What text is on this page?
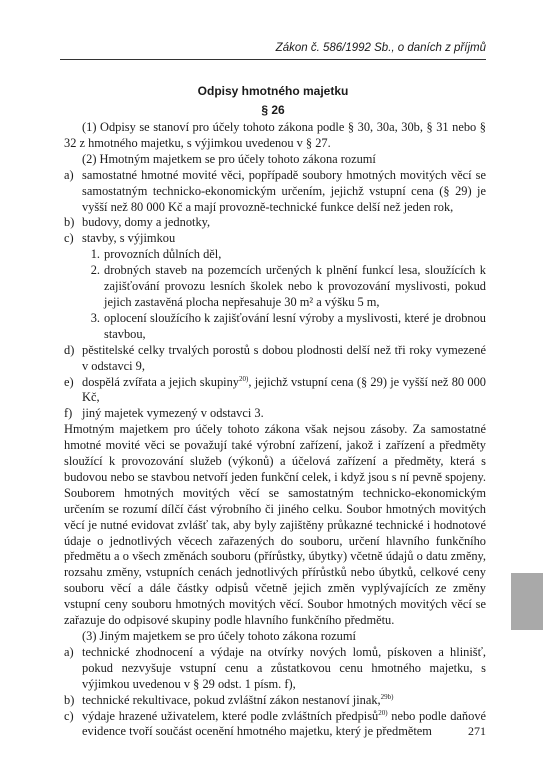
Zákon č. 586/1992 Sb., o daních z příjmů
Odpisy hmotného majetku
§ 26

(1) Odpisy se stanoví pro účely tohoto zákona podle § 30, 30a, 30b, § 31 nebo § 32 z hmotného majetku, s výjimkou uvedenou v § 27.

(2) Hmotným majetkem se pro účely tohoto zákona rozumí

a) samostatné hmotné movité věci, popřípadě soubory hmotných movitých věcí se samostatným technicko-ekonomickým určením, jejichž vstupní cena (§ 29) je vyšší než 80 000 Kč a mají provozně-technické funkce delší než jeden rok,
b) budovy, domy a jednotky,
c) stavby, s výjimkou
1. provozních důlních děl,
2. drobných staveb na pozemcích určených k plnění funkcí lesa, sloužících k zajišťování provozu lesních školek nebo k provozování myslivosti, pokud jejich zastavěná plocha nepřesahuje 30 m² a výšku 5 m,
3. oplocení sloužícího k zajišťování lesní výroby a myslivosti, které je drobnou stavbou,
d) pěstitelské celky trvalých porostů s dobou plodnosti delší než tři roky vymezené v odstavci 9,
e) dospělá zvířata a jejich skupiny$^{20)}$, jejichž vstupní cena (§ 29) je vyšší než 80 000 Kč,
f) jiný majetek vymezený v odstavci 3.

Hmotným majetkem pro účely tohoto zákona však nejsou zásoby. Za samostatné hmotné movité věci se považují také výrobní zařízení, jakož i zařízení a předměty sloužící k provozování služeb (výkonů) a účelová zařízení a předměty, která s budovou nebo se stavbou netvoří jeden funkční celek, i když jsou s ní pevně spojeny. Souborem hmotných movitých věcí se samostatným technicko-ekonomickým určením se rozumí dílčí část výrobního či jiného celku. Soubor hmotných movitých věcí je nutné evidovat zvlášť tak, aby byly zajištěny průkazné technické i hodnotové údaje o jednotlivých věcech zařazených do souboru, určení hlavního funkčního předmětu a o všech změnách souboru (přírůstky, úbytky) včetně údajů o datu změny, rozsahu změny, vstupních cenách jednotlivých přírůstků nebo úbytků, celkové ceny souboru věcí a dále částky odpisů včetně jejich změn vyplývajících ze změny vstupní ceny souboru hmotných movitých věcí. Soubor hmotných movitých věcí se zařazuje do odpisové skupiny podle hlavního funkčního předmětu.

(3) Jiným majetkem se pro účely tohoto zákona rozumí

a) technické zhodnocení a výdaje na otvírky nových lomů, pískoven a hlinišť, pokud nezvyšuje vstupní cenu a zůstatkovou cenu hmotného majetku, s výjimkou uvedenou v § 29 odst. 1 písm. f),
b) technické rekultivace, pokud zvláštní zákon nestanoví jinak,$^{29b)}$
c) výdaje hrazené uživatelem, které podle zvláštních předpisů$^{20)}$ nebo podle daňové evidence tvoří součást ocenění hmotného majetku, který je předmětem	271
